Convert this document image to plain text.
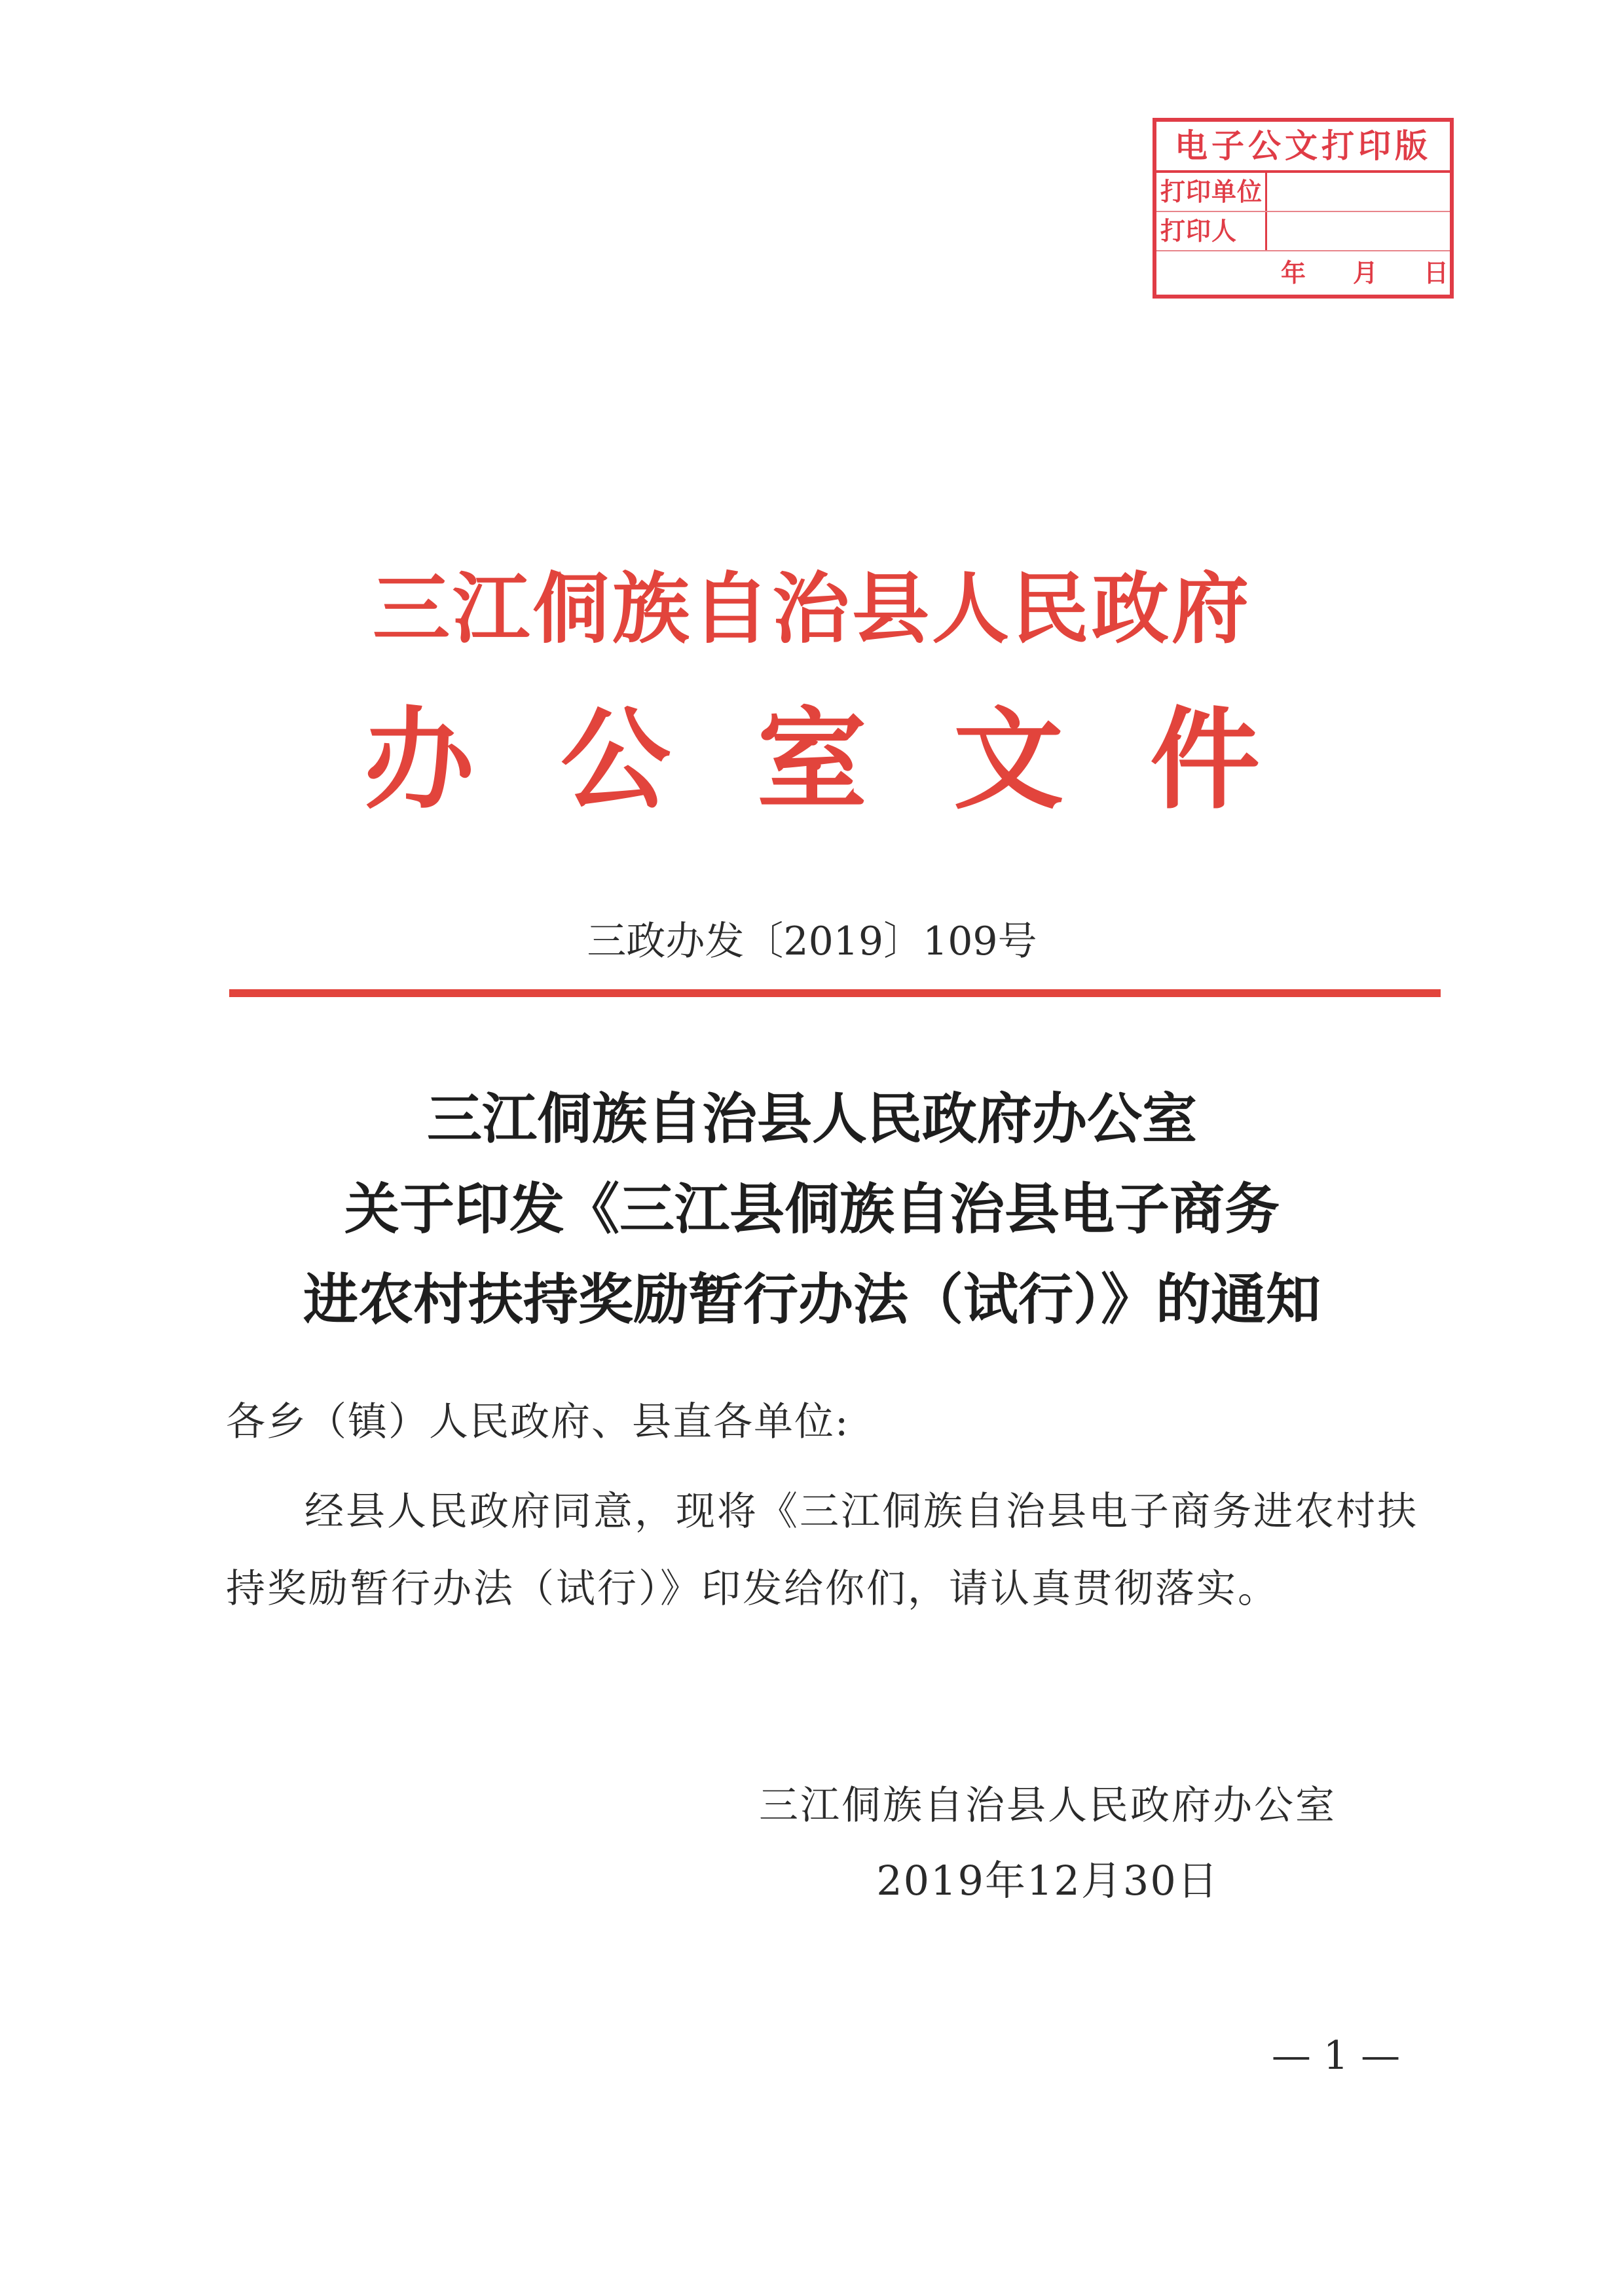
电子公文打印版
打印单位
打印人
年 月 日
三江侗族自治县人民政府
办 公 室 文 件
三政办发〔2019〕109号
三江侗族自治县人民政府办公室
关于印发《三江县侗族自治县电子商务
进农村扶持奖励暂行办法（试行）》的通知
各乡（镇）人民政府、县直各单位:
经县人民政府同意，现将《三江侗族自治县电子商务进农村扶持奖励暂行办法（试行）》印发给你们，请认真贯彻落实。
三江侗族自治县人民政府办公室
2019年12月30日
— 1 —
